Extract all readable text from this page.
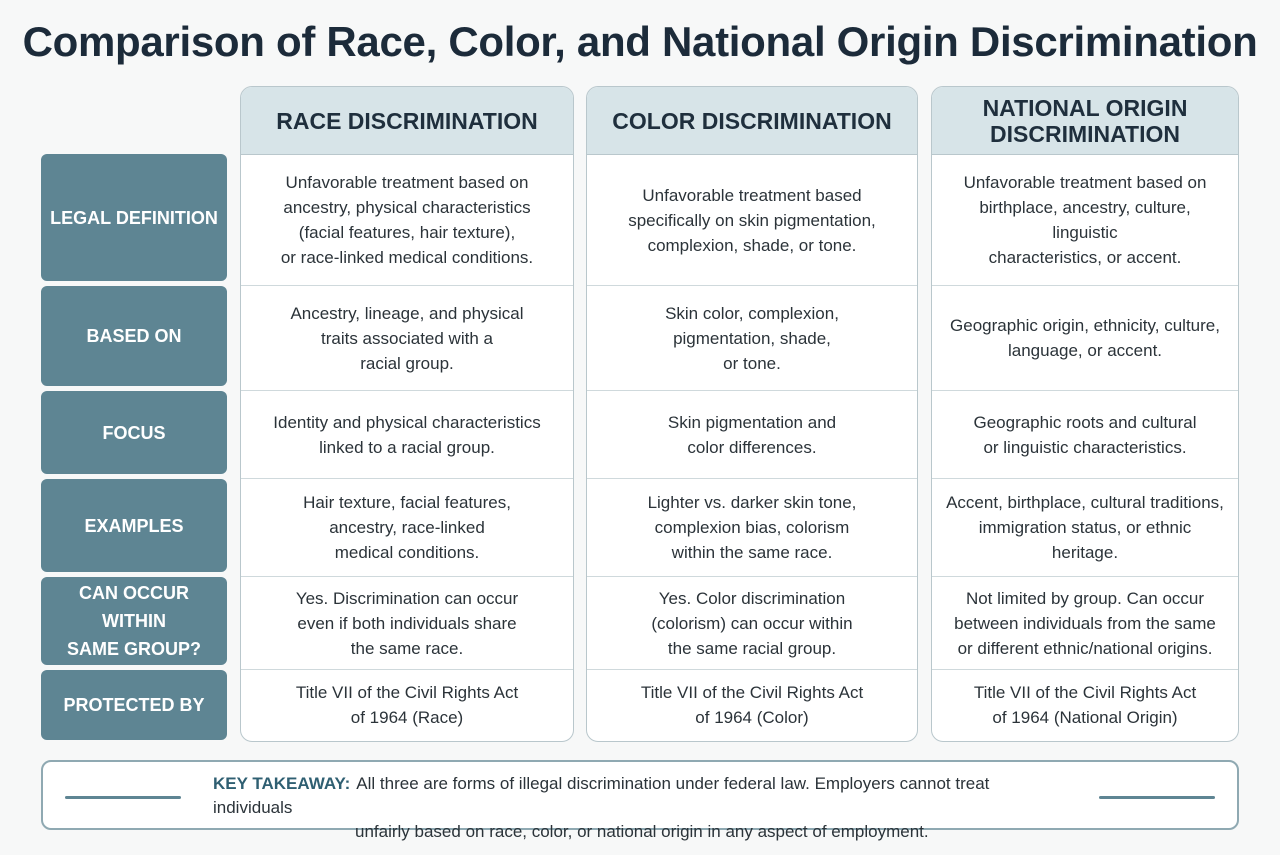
Comparison of Race, Color, and National Origin Discrimination
LEGAL DEFINITION
BASED ON
FOCUS
EXAMPLES
CAN OCCUR WITHIN
SAME GROUP?
PROTECTED BY
RACE DISCRIMINATION
Unfavorable treatment based on
ancestry, physical characteristics
(facial features, hair texture),
or race-linked medical conditions.
Ancestry, lineage, and physical
traits associated with a
racial group.
Identity and physical characteristics
linked to a racial group.
Hair texture, facial features,
ancestry, race-linked
medical conditions.
Yes. Discrimination can occur
even if both individuals share
the same race.
Title VII of the Civil Rights Act
of 1964 (Race)
COLOR DISCRIMINATION
Unfavorable treatment based
specifically on skin pigmentation,
complexion, shade, or tone.
Skin color, complexion,
pigmentation, shade,
or tone.
Skin pigmentation and
color differences.
Lighter vs. darker skin tone,
complexion bias, colorism
within the same race.
Yes. Color discrimination
(colorism) can occur within
the same racial group.
Title VII of the Civil Rights Act
of 1964 (Color)
NATIONAL ORIGIN
DISCRIMINATION
Unfavorable treatment based on
birthplace, ancestry, culture, linguistic
characteristics, or accent.
Geographic origin, ethnicity, culture,
language, or accent.
Geographic roots and cultural
or linguistic characteristics.
Accent, birthplace, cultural traditions,
immigration status, or ethnic heritage.
Not limited by group. Can occur
between individuals from the same
or different ethnic/national origins.
Title VII of the Civil Rights Act
of 1964 (National Origin)
KEY TAKEAWAY: All three are forms of illegal discrimination under federal law. Employers cannot treat individuals
unfairly based on race, color, or national origin in any aspect of employment.
